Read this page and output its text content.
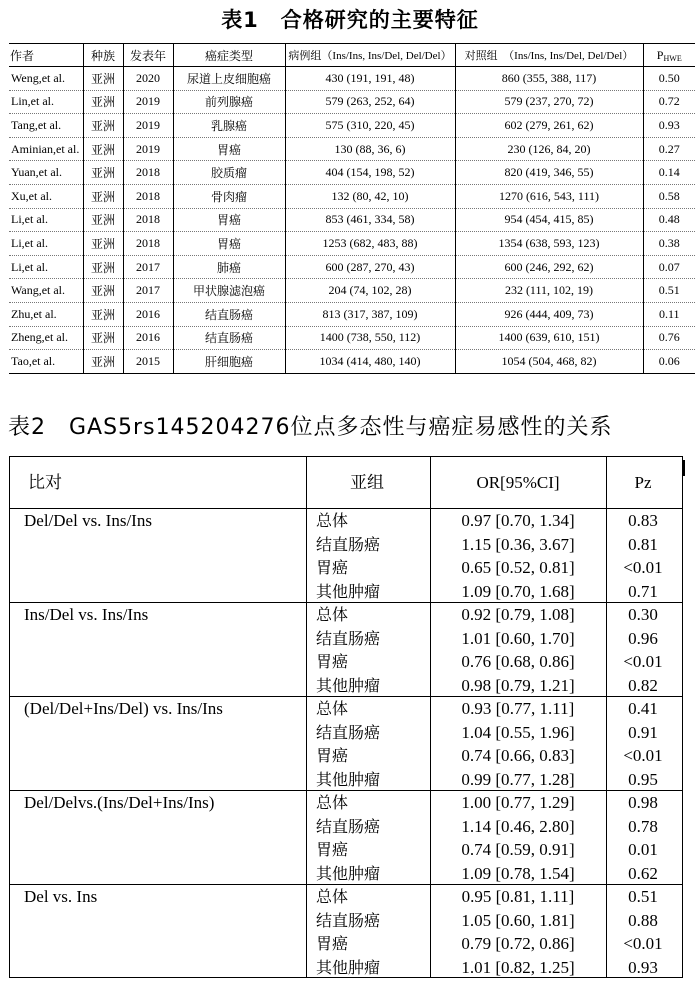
表1　合格研究的主要特征
作者	种族	发表年	癌症类型	病例组（Ins/Ins, Ins/Del, Del/Del）	对照组　（Ins/Ins, Ins/Del, Del/Del）	$P_{HWE}$
Weng,et al.	亚洲	2020	尿道上皮细胞癌	430 (191, 191, 48)	860 (355, 388, 117)	0.50
Lin,et al.	亚洲	2019	前列腺癌	579 (263, 252, 64)	579 (237, 270, 72)	0.72
Tang,et al.	亚洲	2019	乳腺癌	575 (310, 220, 45)	602 (279, 261, 62)	0.93
Aminian,et al.	亚洲	2019	胃癌	130 (88, 36, 6)	230 (126, 84, 20)	0.27
Yuan,et al.	亚洲	2018	胶质瘤	404 (154, 198, 52)	820 (419, 346, 55)	0.14
Xu,et al.	亚洲	2018	骨肉瘤	132 (80, 42, 10)	1270 (616, 543, 111)	0.58
Li,et al.	亚洲	2018	胃癌	853 (461, 334, 58)	954 (454, 415, 85)	0.48
Li,et al.	亚洲	2018	胃癌	1253 (682, 483, 88)	1354 (638, 593, 123)	0.38
Li,et al.	亚洲	2017	肺癌	600 (287, 270, 43)	600 (246, 292, 62)	0.07
Wang,et al.	亚洲	2017	甲状腺滤泡癌	204 (74, 102, 28)	232 (111, 102, 19)	0.51
Zhu,et al.	亚洲	2016	结直肠癌	813 (317, 387, 109)	926 (444, 409, 73)	0.11
Zheng,et al.	亚洲	2016	结直肠癌	1400 (738, 550, 112)	1400 (639, 610, 151)	0.76
Tao,et al.	亚洲	2015	肝细胞癌	1034 (414, 480, 140)	1054 (504, 468, 82)	0.06
表2　GAS5rs145204276位点多态性与癌症易感性的关系
比对	亚组	OR[95%CI]	Pz
Del/Del vs. Ins/Ins	总体	0.97 [0.70, 1.34]	0.83
结直肠癌	1.15 [0.36, 3.67]	0.81
胃癌	0.65 [0.52, 0.81]	<0.01
其他肿瘤	1.09 [0.70, 1.68]	0.71
Ins/Del vs. Ins/Ins	总体	0.92 [0.79, 1.08]	0.30
结直肠癌	1.01 [0.60, 1.70]	0.96
胃癌	0.76 [0.68, 0.86]	<0.01
其他肿瘤	0.98 [0.79, 1.21]	0.82
(Del/Del+Ins/Del) vs. Ins/Ins	总体	0.93 [0.77, 1.11]	0.41
结直肠癌	1.04 [0.55, 1.96]	0.91
胃癌	0.74 [0.66, 0.83]	<0.01
其他肿瘤	0.99 [0.77, 1.28]	0.95
Del/Delvs.(Ins/Del+Ins/Ins)	总体	1.00 [0.77, 1.29]	0.98
结直肠癌	1.14 [0.46, 2.80]	0.78
胃癌	0.74 [0.59, 0.91]	0.01
其他肿瘤	1.09 [0.78, 1.54]	0.62
Del vs. Ins	总体	0.95 [0.81, 1.11]	0.51
结直肠癌	1.05 [0.60, 1.81]	0.88
胃癌	0.79 [0.72, 0.86]	<0.01
其他肿瘤	1.01 [0.82, 1.25]	0.93
